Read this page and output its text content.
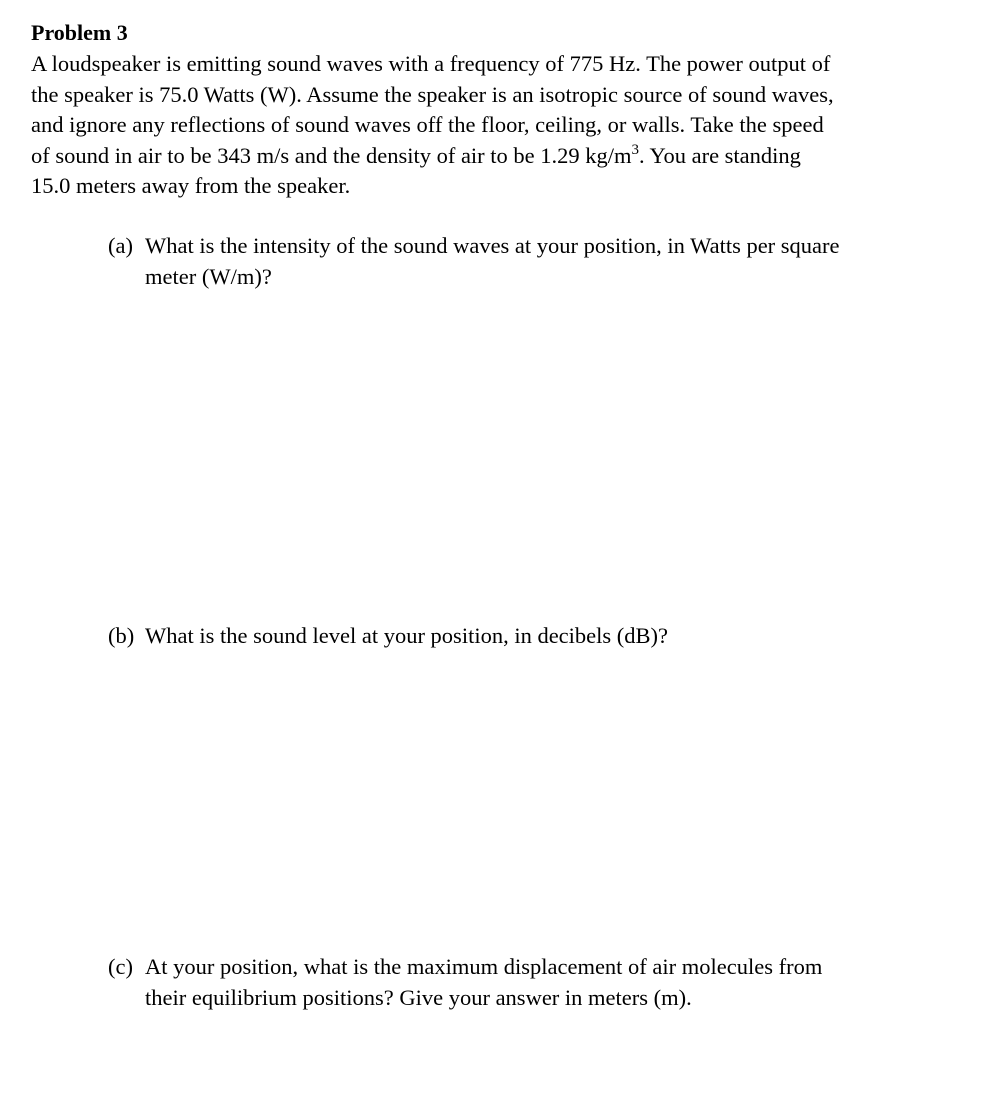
Problem 3

A loudspeaker is emitting sound waves with a frequency of 775 Hz. The power output of
the speaker is 75.0 Watts (W). Assume the speaker is an isotropic source of sound waves,
and ignore any reflections of sound waves off the floor, ceiling, or walls. Take the speed
of sound in air to be 343 m/s and the density of air to be 1.29 $kg/m^3$. You are standing
15.0 meters away from the speaker.

(a) What is the intensity of the sound waves at your position, in Watts per square
meter (W/m)?
(b) What is the sound level at your position, in decibels (dB)?
(c) At your position, what is the maximum displacement of air molecules from
their equilibrium positions? Give your answer in meters (m).
